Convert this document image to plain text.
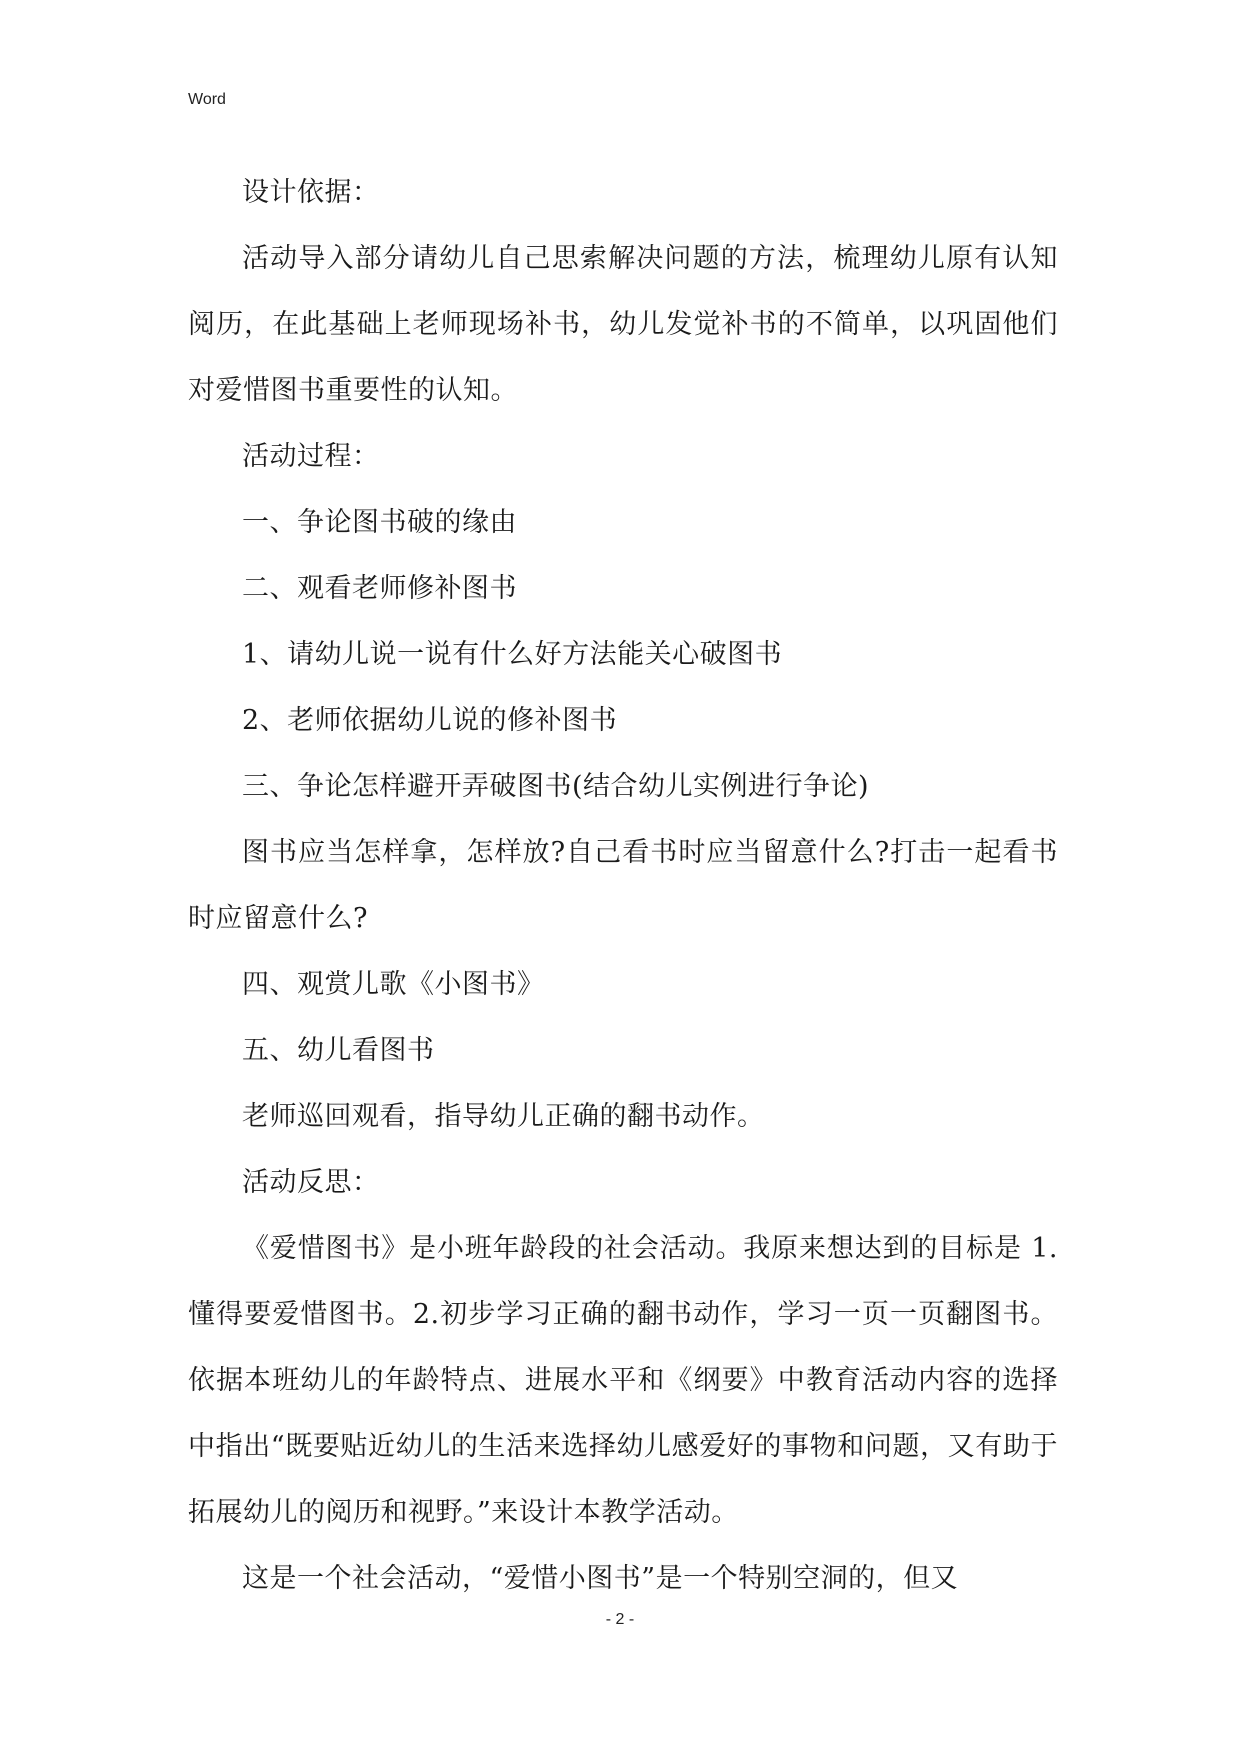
Word

设计依据：

活动导入部分请幼儿自己思索解决问题的方法，梳理幼儿原有认知阅历，在此基础上老师现场补书，幼儿发觉补书的不简单，以巩固他们对爱惜图书重要性的认知。

活动过程：

一、争论图书破的缘由

二、观看老师修补图书

1、请幼儿说一说有什么好方法能关心破图书

2、老师依据幼儿说的修补图书

三、争论怎样避开弄破图书(结合幼儿实例进行争论)

图书应当怎样拿，怎样放?自己看书时应当留意什么?打击一起看书时应留意什么?

四、观赏儿歌《小图书》

五、幼儿看图书

老师巡回观看，指导幼儿正确的翻书动作。

活动反思：

《爱惜图书》是小班年龄段的社会活动。我原来想达到的目标是 1.懂得要爱惜图书。2.初步学习正确的翻书动作，学习一页一页翻图书。依据本班幼儿的年龄特点、进展水平和《纲要》中教育活动内容的选择中指出“既要贴近幼儿的生活来选择幼儿感爱好的事物和问题，又有助于拓展幼儿的阅历和视野。”来设计本教学活动。

这是一个社会活动，“爱惜小图书”是一个特别空洞的，但又

- 2 -
